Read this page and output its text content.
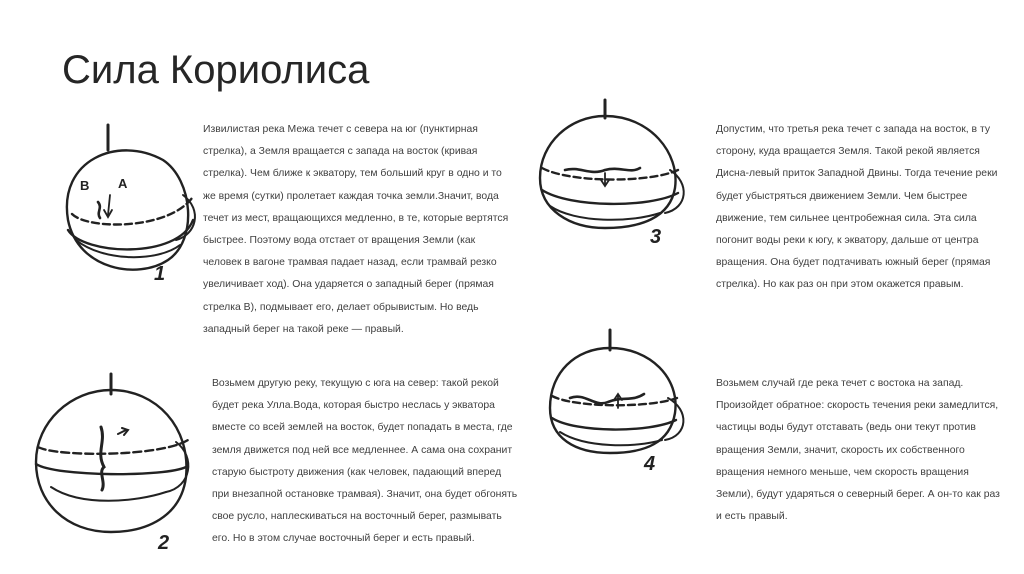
Сила Кориолиса
B A
1
2
3
4
Извилистая река Межа течет с севера на юг (пунктирная
стрелка), а Земля вращается с запада на восток (кривая
стрелка). Чем ближе к экватору, тем больший круг в одно и то
же время (сутки) пролетает каждая точка земли.Значит, вода
течет из мест, вращающихся медленно, в те, которые вертятся
быстрее. Поэтому вода отстает от вращения Земли (как
человек в вагоне трамвая падает назад, если трамвай резко
увеличивает ход). Она ударяется о западный берег (прямая
стрелка В), подмывает его, делает обрывистым. Но ведь
западный берег на такой реке — правый.
Допустим, что третья река течет с запада на восток, в ту
сторону, куда вращается Земля. Такой рекой является
Дисна-левый приток Западной Двины. Тогда течение реки
будет убыстряться движением Земли. Чем быстрее
движение, тем сильнее центробежная сила. Эта сила
погонит воды реки к югу, к экватору, дальше от центра
вращения. Она будет подтачивать южный берег (прямая
стрелка). Но как раз он при этом окажется правым.
Возьмем другую реку, текущую с юга на север: такой рекой
будет река Улла.Вода, которая быстро неслась у экватора
вместе со всей землей на восток, будет попадать в места, где
земля движется под ней все медленнее. А сама она сохранит
старую быстроту движения (как человек, падающий вперед
при внезапной остановке трамвая). Значит, она будет обгонять
свое русло, наплескиваться на восточный берег, размывать
его. Но в этом случае восточный берег и есть правый.
Возьмем случай где река течет с востока на запад.
Произойдет обратное: скорость течения реки замедлится,
частицы воды будут отставать (ведь они текут против
вращения Земли, значит, скорость их собственного
вращения немного меньше, чем скорость вращения
Земли), будут ударяться о северный берег. А он-то как раз
и есть правый.
